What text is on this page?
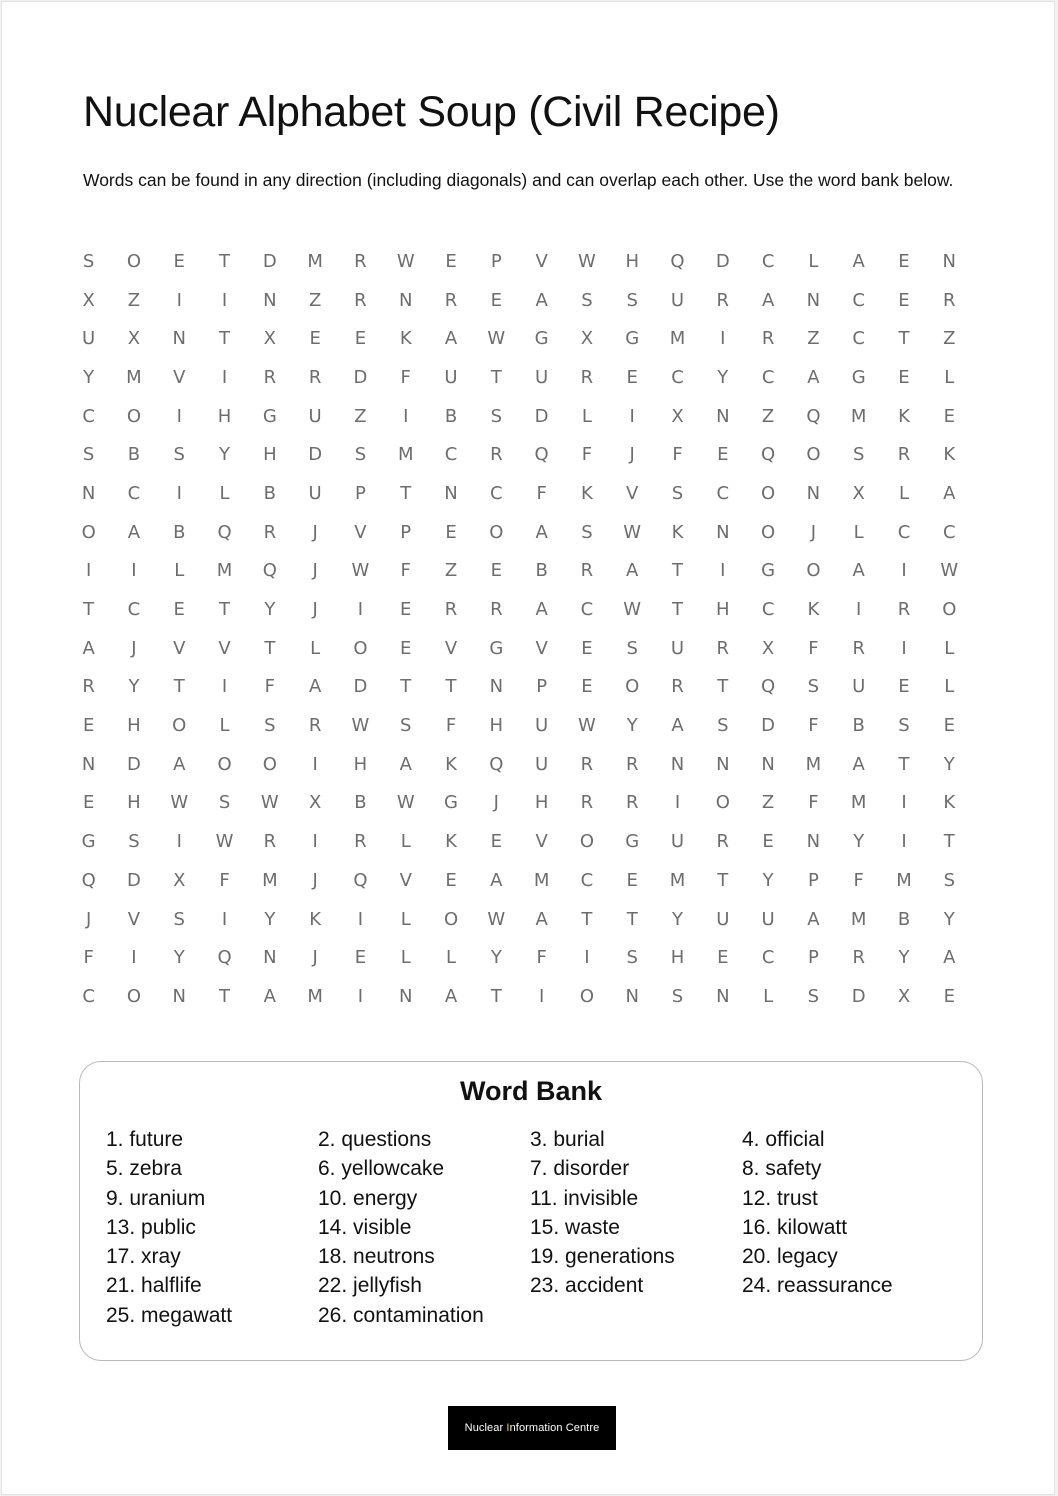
Nuclear Alphabet Soup (Civil Recipe)

Words can be found in any direction (including diagonals) and can overlap each other. Use the word bank below.

S	O	E	T	D	M	R	W	E	P	V	W	H	Q	D	C	L	A	E	N
X	Z	I	I	N	Z	R	N	R	E	A	S	S	U	R	A	N	C	E	R
U	X	N	T	X	E	E	K	A	W	G	X	G	M	I	R	Z	C	T	Z
Y	M	V	I	R	R	D	F	U	T	U	R	E	C	Y	C	A	G	E	L
C	O	I	H	G	U	Z	I	B	S	D	L	I	X	N	Z	Q	M	K	E
S	B	S	Y	H	D	S	M	C	R	Q	F	J	F	E	Q	O	S	R	K
N	C	I	L	B	U	P	T	N	C	F	K	V	S	C	O	N	X	L	A
O	A	B	Q	R	J	V	P	E	O	A	S	W	K	N	O	J	L	C	C
I	I	L	M	Q	J	W	F	Z	E	B	R	A	T	I	G	O	A	I	W
T	C	E	T	Y	J	I	E	R	R	A	C	W	T	H	C	K	I	R	O
A	J	V	V	T	L	O	E	V	G	V	E	S	U	R	X	F	R	I	L
R	Y	T	I	F	A	D	T	T	N	P	E	O	R	T	Q	S	U	E	L
E	H	O	L	S	R	W	S	F	H	U	W	Y	A	S	D	F	B	S	E
N	D	A	O	O	I	H	A	K	Q	U	R	R	N	N	N	M	A	T	Y
E	H	W	S	W	X	B	W	G	J	H	R	R	I	O	Z	F	M	I	K
G	S	I	W	R	I	R	L	K	E	V	O	G	U	R	E	N	Y	I	T
Q	D	X	F	M	J	Q	V	E	A	M	C	E	M	T	Y	P	F	M	S
J	V	S	I	Y	K	I	L	O	W	A	T	T	Y	U	U	A	M	B	Y
F	I	Y	Q	N	J	E	L	L	Y	F	I	S	H	E	C	P	R	Y	A
C	O	N	T	A	M	I	N	A	T	I	O	N	S	N	L	S	D	X	E
Word Bank
1. future	2. questions	3. burial	4. official
5. zebra	6. yellowcake	7. disorder	8. safety
9. uranium	10. energy	11. invisible	12. trust
13. public	14. visible	15. waste	16. kilowatt
17. xray	18. neutrons	19. generations	20. legacy
21. halflife	22. jellyfish	23. accident	24. reassurance
25. megawatt	26. contamination
Nuclear Information Centre
